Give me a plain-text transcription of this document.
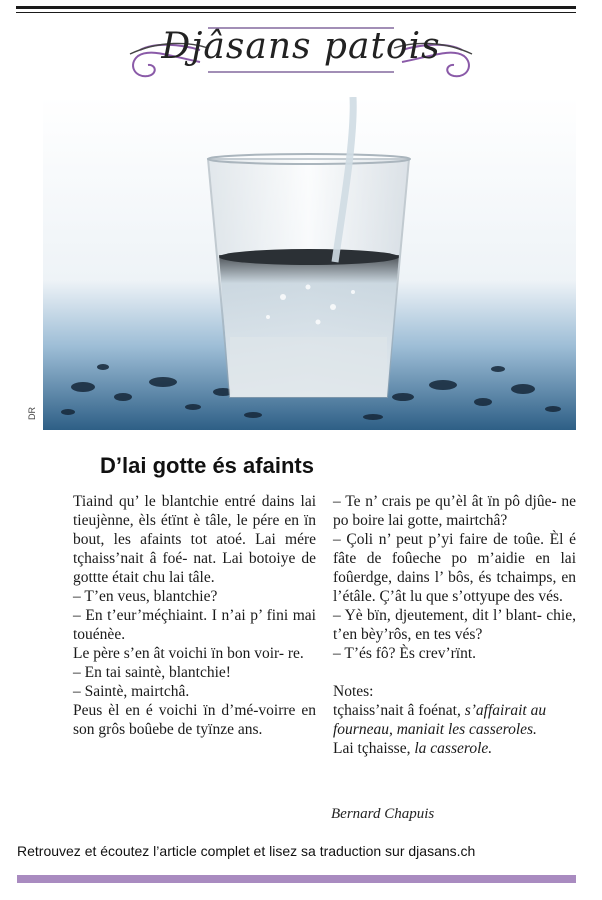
Djâsans patois
DR
D’lai gotte és afaints

Tiaind qu’ le blantchie entré dains lai tieujènne, èls étïnt è tâle, le pére en ïn bout, les afaints tot atoé. Lai mére tçhaiss’nait â foé- nat. Lai botoiye de gottte était chu lai tâle.

– T’en veus, blantchie?

– En t’eur’méçhiaint. I n’ai p’ fini mai touénèe.

Le père s’en ât voichi ïn bon voir- re.

– En tai saintè, blantchie!

– Saintè, mairtchâ.

Peus èl en é voichi ïn d’mé-voirre en son grôs boûebe de tyïnze ans.

– Te n’ crais pe qu’èl ât ïn pô djûe- ne po boire lai gotte, mairtchâ?

– Çoli n’ peut p’yi faire de toûe. Èl é fâte de foûeche po m’aidie en lai foûerdge, dains l’ bôs, és tchaimps, en l’étâle. Ç’ât lu que s’ottyupe des vés.

– Yè bïn, djeutement, dit l’ blant- chie, t’en bèy’rôs, en tes vés?

– T’és fô? Ès crev’rïnt.

Notes:

tçhaiss’nait â foénat, s’affairait au fourneau, maniait les casseroles.

Lai tçhaisse, la casserole.

Bernard Chapuis
Retrouvez et écoutez l’article complet et lisez sa traduction sur djasans.ch
